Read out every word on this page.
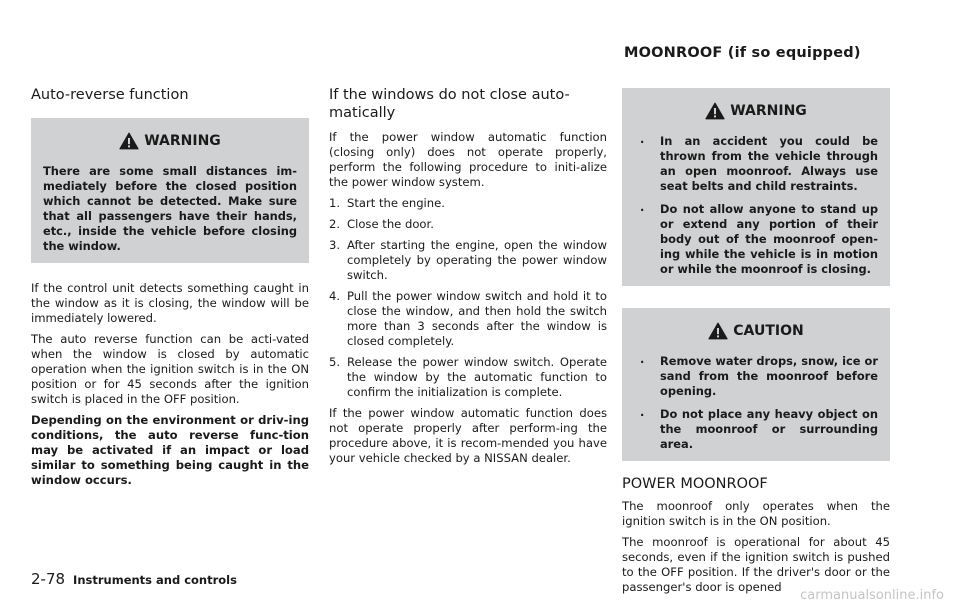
MOONROOF (if so equipped)
Auto-reverse function
WARNING

There are some small distances im-mediately before the closed position which cannot be detected. Make sure that all passengers have their hands, etc., inside the vehicle before closing the window.

If the control unit detects something caught in the window as it is closing, the window will be immediately lowered.

The auto reverse function can be acti-vated when the window is closed by automatic operation when the ignition switch is in the ON position or for 45 seconds after the ignition switch is placed in the OFF position.

Depending on the environment or driv-ing conditions, the auto reverse func-tion may be activated if an impact or load similar to something being caught in the window occurs.

If the windows do not close auto-matically

If the power window automatic function (closing only) does not operate properly, perform the following procedure to initi-alize the power window system.

1. Start the engine.
2. Close the door.
3. After starting the engine, open the window completely by operating the power window switch.
4. Pull the power window switch and hold it to close the window, and then hold the switch more than 3 seconds after the window is closed completely.
5. Release the power window switch. Operate the window by the automatic function to confirm the initialization is complete.

If the power window automatic function does not operate properly after perform-ing the procedure above, it is recom-mended you have your vehicle checked by a NISSAN dealer.

WARNING
. In an accident you could be thrown from the vehicle through an open moonroof. Always use seat belts and child restraints.
. Do not allow anyone to stand up or extend any portion of their body out of the moonroof open-ing while the vehicle is in motion or while the moonroof is closing.
CAUTION
. Remove water drops, snow, ice or sand from the moonroof before opening.
. Do not place any heavy object on the moonroof or surrounding area.
POWER MOONROOF

The moonroof only operates when the ignition switch is in the ON position.

The moonroof is operational for about 45 seconds, even if the ignition switch is pushed to the OFF position. If the driver's door or the passenger's door is opened

2-78 Instruments and controls
carmanualsonline.info
